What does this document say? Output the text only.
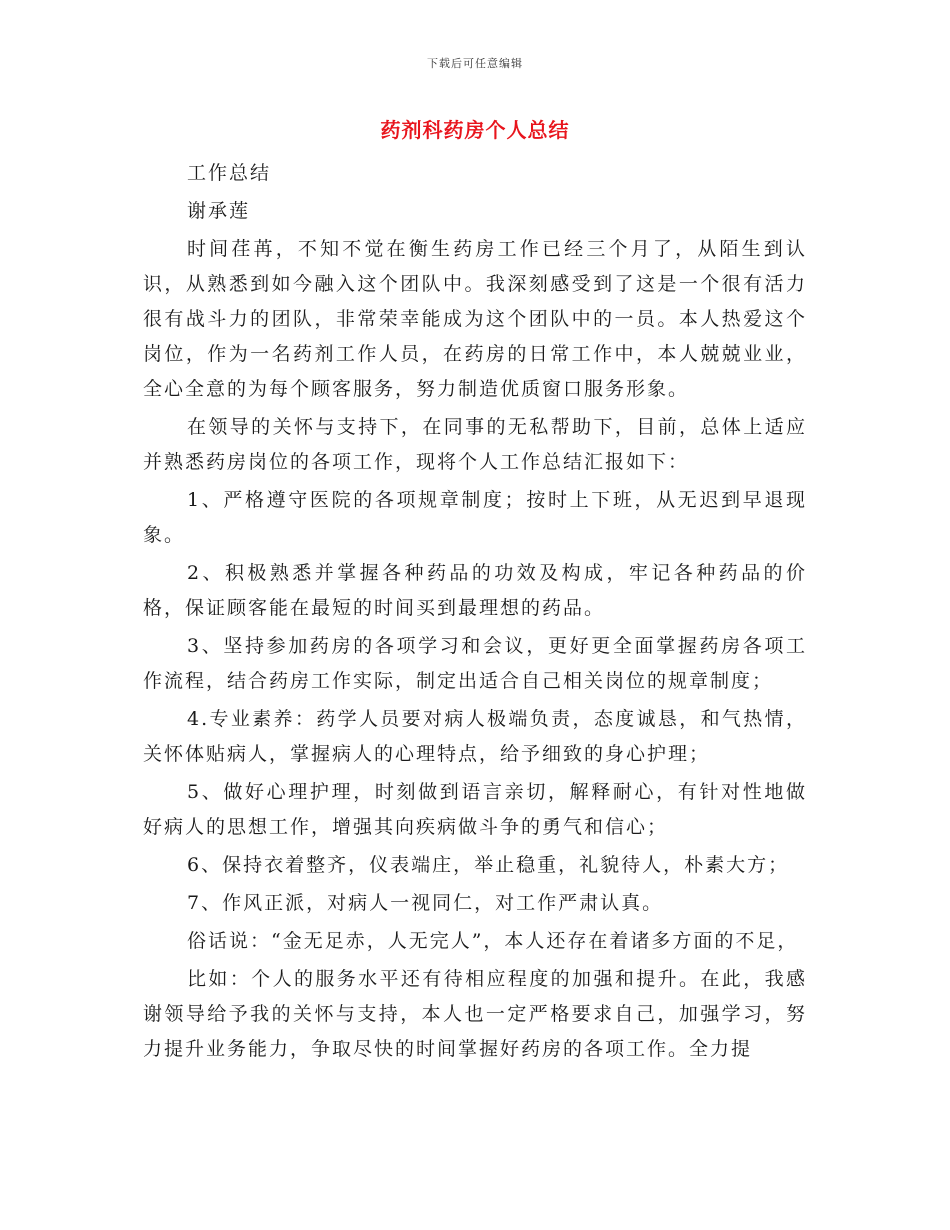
下载后可任意编辑
药剂科药房个人总结

工作总结

谢承莲

时间荏苒，不知不觉在衡生药房工作已经三个月了，从陌生到认识，从熟悉到如今融入这个团队中。我深刻感受到了这是一个很有活力很有战斗力的团队，非常荣幸能成为这个团队中的一员。本人热爱这个岗位，作为一名药剂工作人员，在药房的日常工作中，本人兢兢业业，全心全意的为每个顾客服务，努力制造优质窗口服务形象。

在领导的关怀与支持下，在同事的无私帮助下，目前，总体上适应并熟悉药房岗位的各项工作，现将个人工作总结汇报如下：

1、严格遵守医院的各项规章制度；按时上下班，从无迟到早退现象。

2、积极熟悉并掌握各种药品的功效及构成，牢记各种药品的价格，保证顾客能在最短的时间买到最理想的药品。

3、坚持参加药房的各项学习和会议，更好更全面掌握药房各项工作流程，结合药房工作实际，制定出适合自己相关岗位的规章制度；

4.专业素养：药学人员要对病人极端负责，态度诚恳，和气热情，关怀体贴病人，掌握病人的心理特点，给予细致的身心护理；

5、做好心理护理，时刻做到语言亲切，解释耐心，有针对性地做好病人的思想工作，增强其向疾病做斗争的勇气和信心；

6、保持衣着整齐，仪表端庄，举止稳重，礼貌待人，朴素大方；

7、作风正派，对病人一视同仁，对工作严肃认真。

俗话说：“金无足赤，人无完人”，本人还存在着诸多方面的不足，

比如：个人的服务水平还有待相应程度的加强和提升。在此，我感谢领导给予我的关怀与支持，本人也一定严格要求自己，加强学习，努力提升业务能力，争取尽快的时间掌握好药房的各项工作。全力提
